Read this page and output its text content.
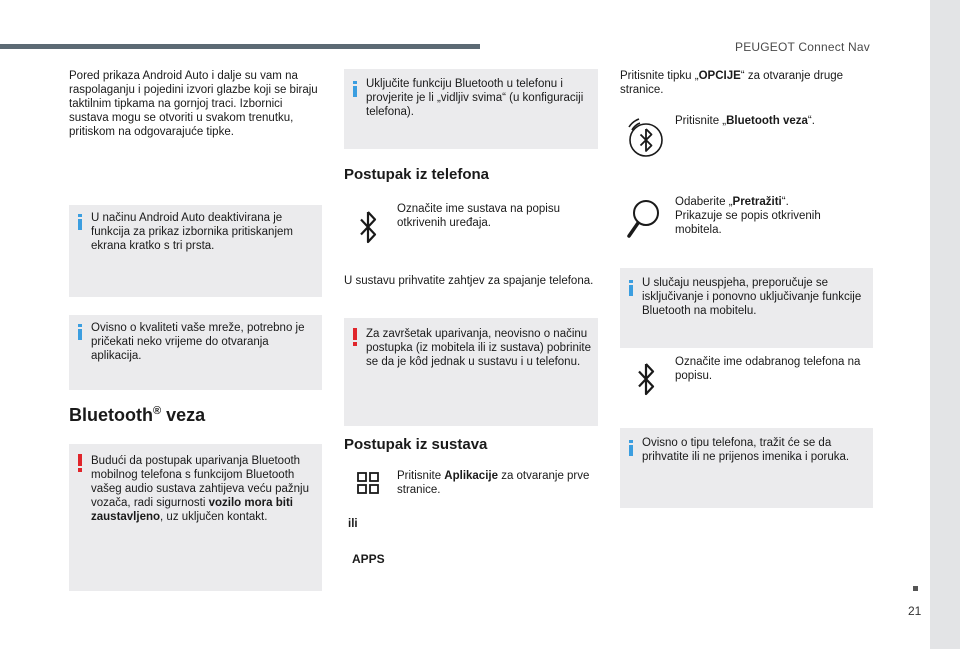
PEUGEOT Connect Nav
Pored prikaza Android Auto i dalje su vam na raspolaganju i pojedini izvori glazbe koji se biraju taktilnim tipkama na gornjoj traci. Izbornici sustava mogu se otvoriti u svakom trenutku, pritiskom na odgovarajuće tipke.
U načinu Android Auto deaktivirana je funkcija za prikaz izbornika pritiskanjem ekrana kratko s tri prsta.
Ovisno o kvaliteti vaše mreže, potrebno je pričekati neko vrijeme do otvaranja aplikacija.
Bluetooth® veza
Budući da postupak uparivanja Bluetooth mobilnog telefona s funkcijom Bluetooth vašeg audio sustava zahtijeva veću pažnju vozača, radi sigurnosti vozilo mora biti zaustavljeno, uz uključen kontakt.
Uključite funkciju Bluetooth u telefonu i provjerite je li „vidljiv svima“ (u konfiguraciji telefona).
Postupak iz telefona
Označite ime sustava na popisu otkrivenih uređaja.
U sustavu prihvatite zahtjev za spajanje telefona.
Za završetak uparivanja, neovisno o načinu postupka (iz mobitela ili iz sustava) pobrinite se da je kôd jednak u sustavu i u telefonu.
Postupak iz sustava
Pritisnite Aplikacije za otvaranje prve stranice.
ili
APPS
Pritisnite tipku „OPCIJE“ za otvaranje druge stranice.
Pritisnite „Bluetooth veza“.
Odaberite „Pretražiti“.
Prikazuje se popis otkrivenih mobitela.
U slučaju neuspjeha, preporučuje se isključivanje i ponovno uključivanje funkcije Bluetooth na mobitelu.
Označite ime odabranog telefona na popisu.
Ovisno o tipu telefona, tražit će se da prihvatite ili ne prijenos imenika i poruka.
21
